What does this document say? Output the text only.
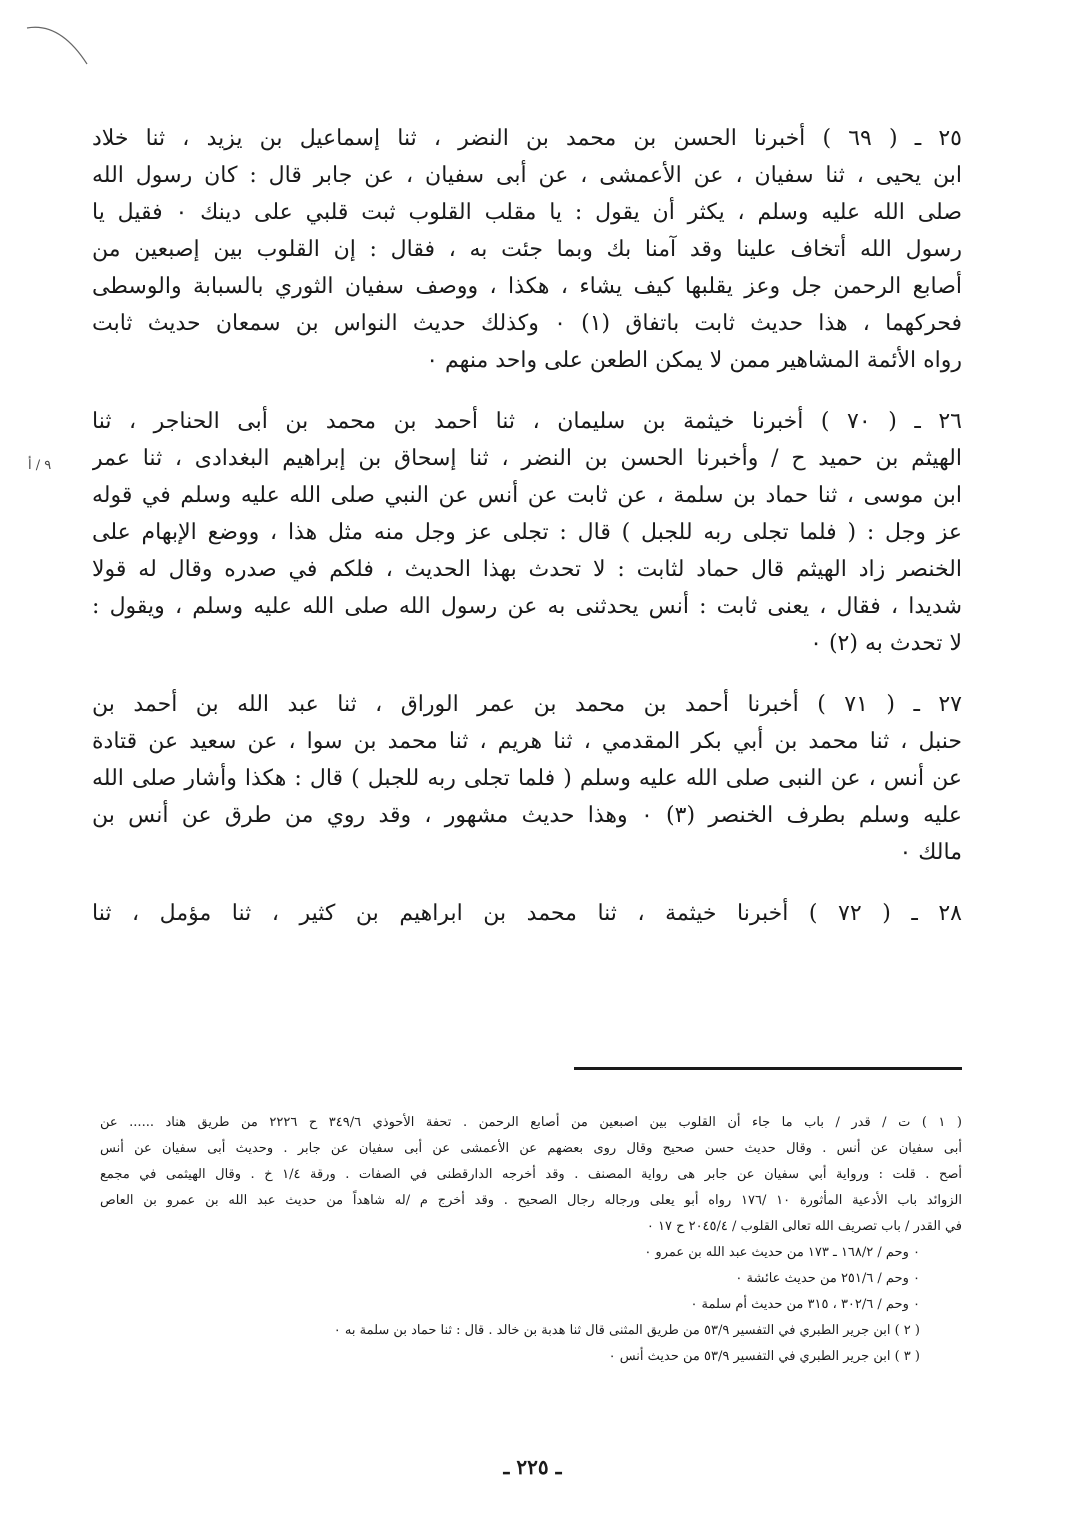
٢٥ ـ ( ٦٩ ) أخبرنا الحسن بن محمد بن النضر ، ثنا إسماعيل بن يزيد ، ثنا خلاد
ابن يحيى ، ثنا سفيان ، عن الأعمشى ، عن أبى سفيان ، عن جابر قال : كان رسول الله
صلى الله عليه وسلم ، يكثر أن يقول : يا مقلب القلوب ثبت قلبي على دينك ٠ فقيل يا
رسول الله أتخاف علينا وقد آمنا بك وبما جئت به ، فقال : إن القلوب بين إصبعين من
أصابع الرحمن جل وعز يقلبها كيف يشاء ، هكذا ، ووصف سفيان الثوري بالسبابة والوسطى
فحركهما ، هذا حديث ثابت باتفاق (١) ٠ وكذلك حديث النواس بن سمعان حديث ثابت
رواه الأئمة المشاهير ممن لا يمكن الطعن على واحد منهم ٠

٢٦ ـ ( ٧٠ ) أخبرنا خيثمة بن سليمان ، ثنا أحمد بن محمد بن أبى الحناجر ، ثنا
الهيثم بن حميد ح / وأخبرنا الحسن بن النضر ، ثنا إسحاق بن إبراهيم البغدادى ، ثنا عمر
ابن موسى ، ثنا حماد بن سلمة ، عن ثابت عن أنس عن النبي صلى الله عليه وسلم في قوله
عز وجل : ( فلما تجلى ربه للجبل ) قال : تجلى عز وجل منه مثل هذا ، ووضع الإبهام على
الخنصر زاد الهيثم قال حماد لثابت : لا تحدث بهذا الحديث ، فلكم في صدره وقال له قولا
شديدا ، فقال ، يعنى ثابت : أنس يحدثنى به عن رسول الله صلى الله عليه وسلم ، ويقول :
لا تحدث به (٢) ٠

٢٧ ـ ( ٧١ ) أخبرنا أحمد بن محمد بن عمر الوراق ، ثنا عبد الله بن أحمد بن
حنبل ، ثنا محمد بن أبي بكر المقدمي ، ثنا هريم ، ثنا محمد بن سوا ، عن سعيد عن قتادة
عن أنس ، عن النبى صلى الله عليه وسلم ( فلما تجلى ربه للجبل ) قال : هكذا وأشار صلى الله
عليه وسلم بطرف الخنصر (٣) ٠ وهذا حديث مشهور ، وقد روي من طرق عن أنس بن
مالك ٠

٢٨ ـ ( ٧٢ ) أخبرنا خيثمة ، ثنا محمد بن ابراهيم بن كثير ، ثنا مؤمل ، ثنا

٩ / أ
( ١ ) ت / قدر / باب ما جاء أن القلوب بين اصبعين من أصابع الرحمن . تحفة الأحوذي ٣٤٩/٦ ح ٢٢٢٦ من طريق هناد ...... عن
أبى سفيان عن أنس . وقال حديث حسن صحيح وقال روى بعضهم عن الأعمشى عن أبى سفيان عن جابر . وحديث أبى سفيان عن أنس
أصح . قلت : ورواية أبي سفيان عن جابر هى رواية المصنف . وقد أخرجه الدارقطنى في الصفات . ورقة ١/٤ خ . وقال الهيثمى في مجمع
الزوائد باب الأدعية المأثورة ١٠ /١٧٦ رواه أبو يعلى ورجاله رجال الصحيح . وقد أخرج م /له شاهداً من حديث عبد الله بن عمرو بن العاص
في القدر / باب تصريف الله تعالى القلوب / ٢٠٤٥/٤ ح ١٧ ٠
٠ وحم / ١٦٨/٢ ـ ١٧٣ من حديث عبد الله بن عمرو ٠
٠ وحم / ٢٥١/٦ من حديث عائشة ٠
٠ وحم / ٣٠٢/٦ ، ٣١٥ من حديث أم سلمة ٠
( ٢ ) ابن جرير الطبري في التفسير ٥٣/٩ من طريق المثنى قال ثنا هدبة بن خالد . قال : ثنا حماد بن سلمة به ٠
( ٣ ) ابن جرير الطبري في التفسير ٥٣/٩ من حديث أنس ٠
ـ ٢٢٥ ـ
